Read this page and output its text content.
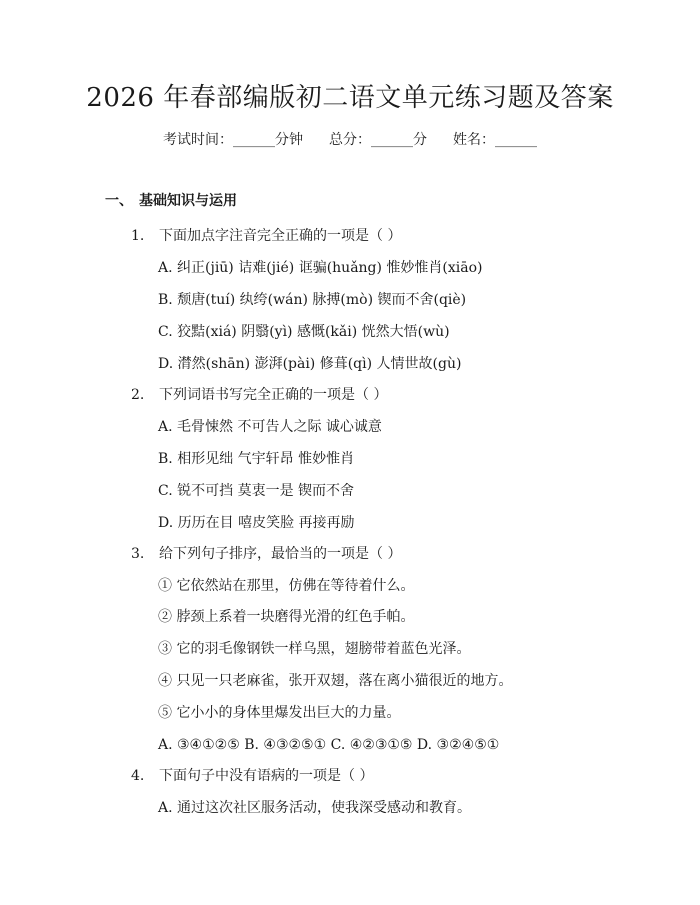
2026 年春部编版初二语文单元练习题及答案
考试时间：______分钟 总分：______分 姓名：______
一、 基础知识与运用
1. 下面加点字注音完全正确的一项是（ ）
A. 纠正(jiū) 诘难(jié) 诓骗(huǎng) 惟妙惟肖(xiāo)
B. 颓唐(tuí) 纨绔(wán) 脉搏(mò) 锲而不舍(qiè)
C. 狡黠(xiá) 阴翳(yì) 感慨(kǎi) 恍然大悟(wù)
D. 潸然(shān) 澎湃(pài) 修葺(qì) 人情世故(gù)
2. 下列词语书写完全正确的一项是（ ）
A. 毛骨悚然 不可告人之际 诚心诚意
B. 相形见绌 气宇轩昂 惟妙惟肖
C. 锐不可挡 莫衷一是 锲而不舍
D. 历历在目 嘻皮笑脸 再接再励
3. 给下列句子排序，最恰当的一项是（ ）
① 它依然站在那里，仿佛在等待着什么。
② 脖颈上系着一块磨得光滑的红色手帕。
③ 它的羽毛像钢铁一样乌黑，翅膀带着蓝色光泽。
④ 只见一只老麻雀，张开双翅，落在离小猫很近的地方。
⑤ 它小小的身体里爆发出巨大的力量。
A. ③④①②⑤ B. ④③②⑤① C. ④②③①⑤ D. ③②④⑤①
4. 下面句子中没有语病的一项是（ ）
A. 通过这次社区服务活动，使我深受感动和教育。
